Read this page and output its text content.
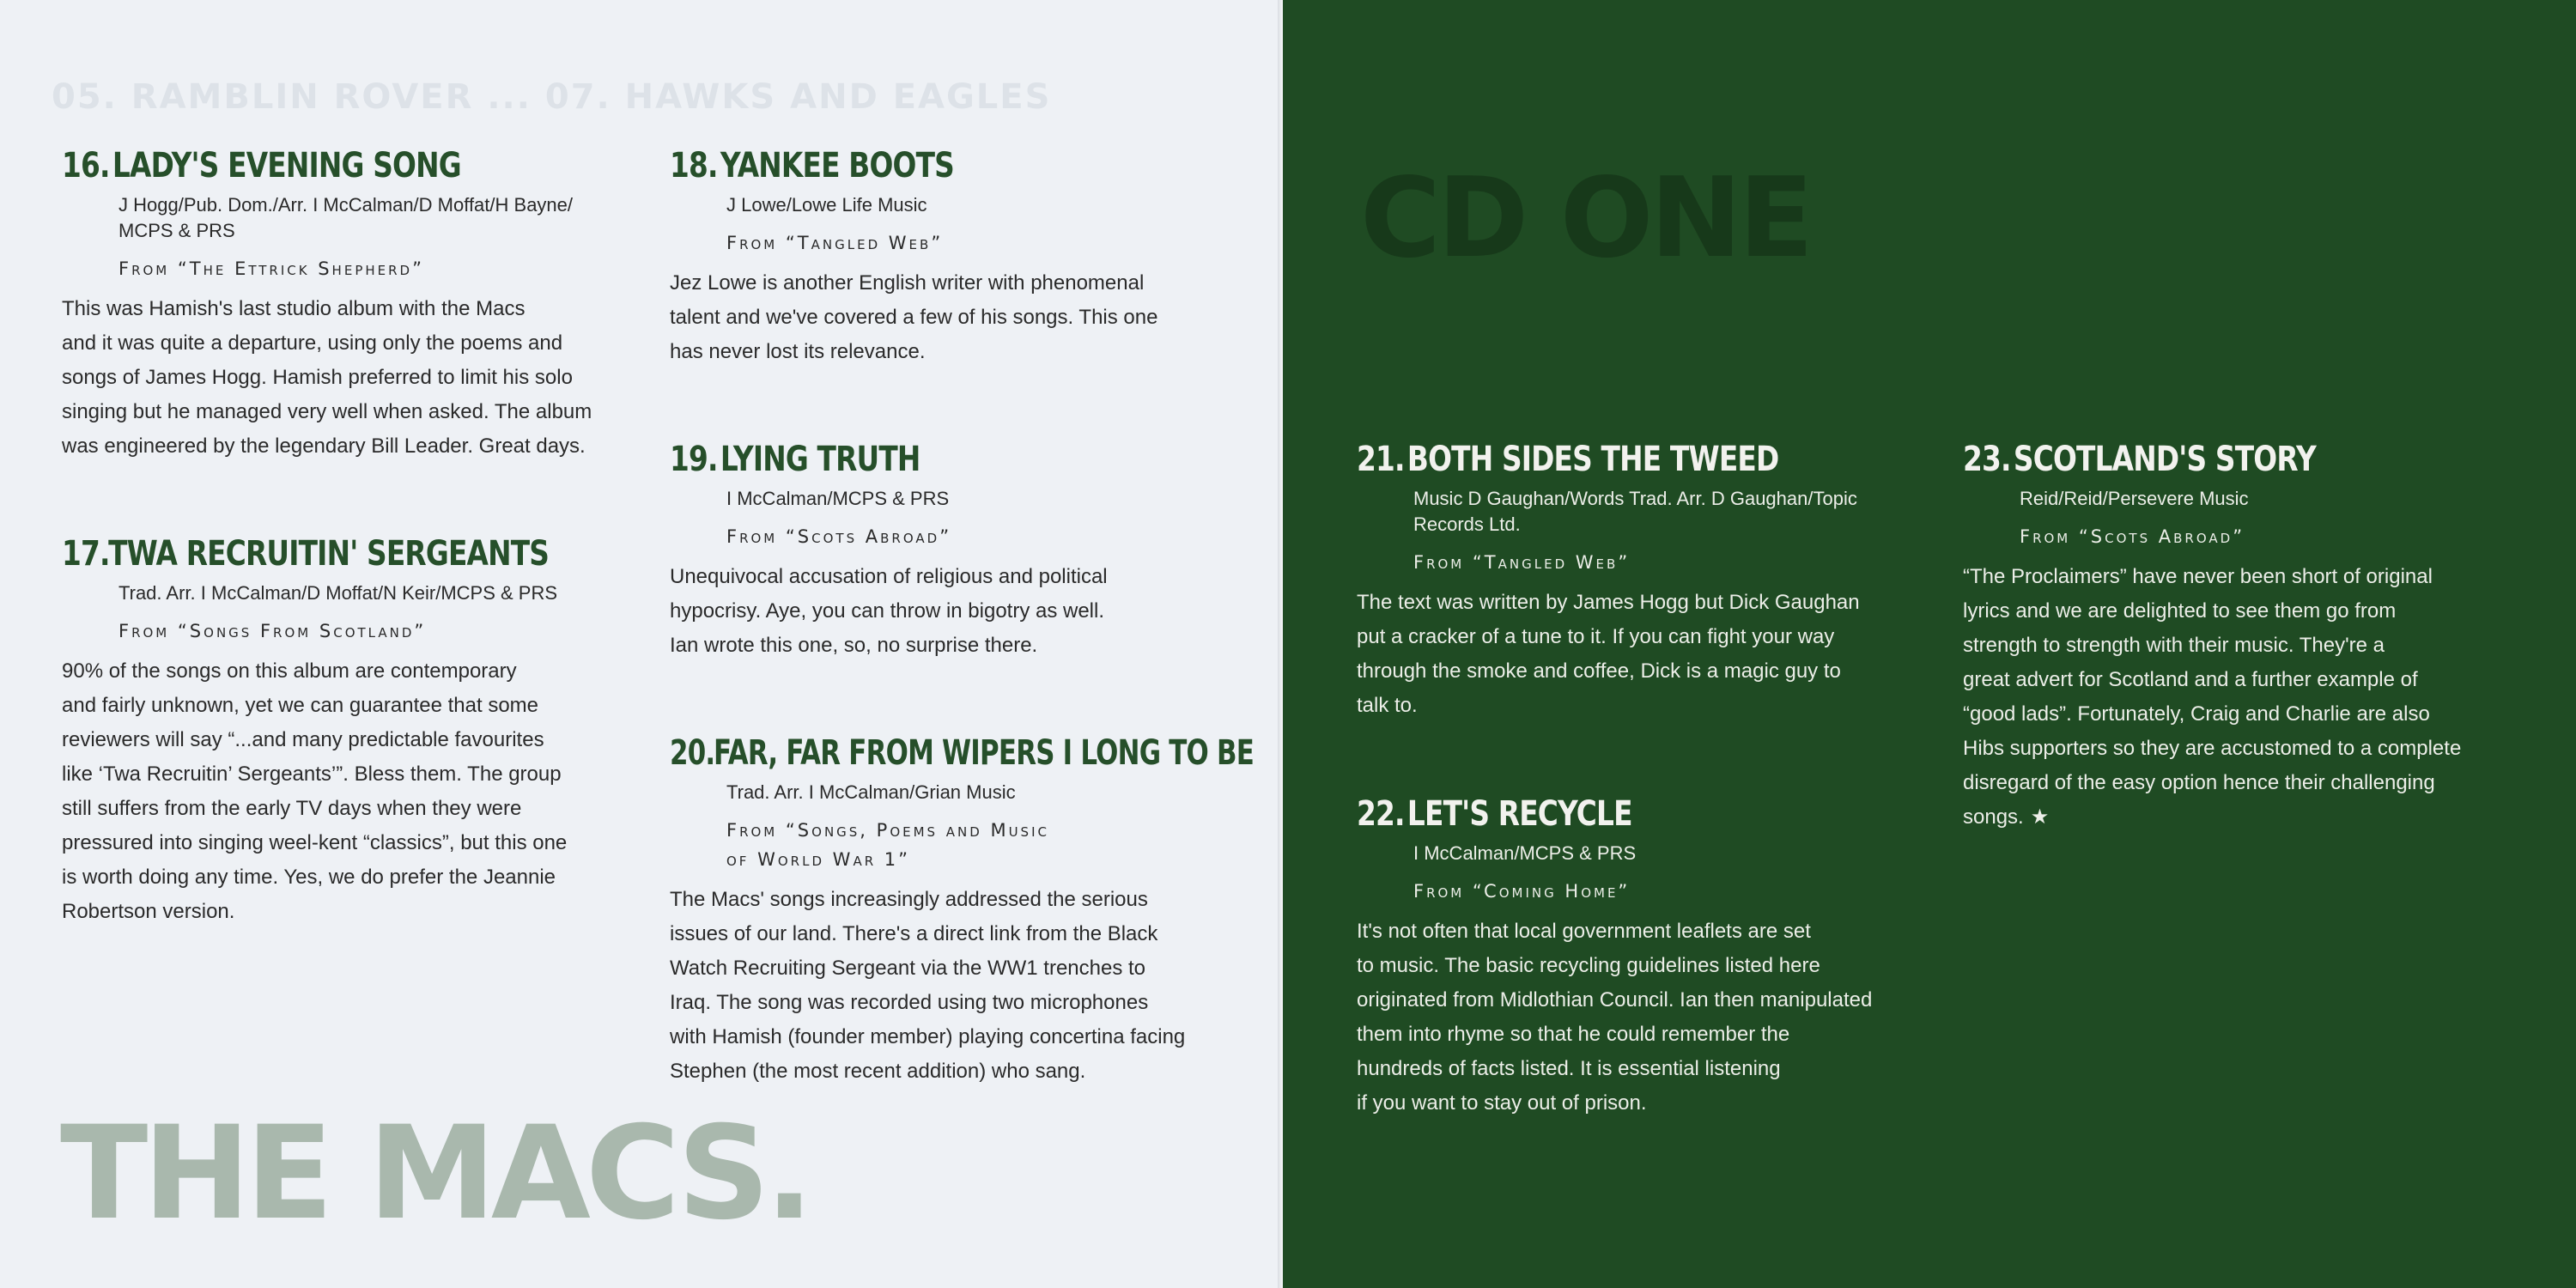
05. RAMBLIN ROVER ... 07. HAWKS AND EAGLES
16. LADY'S EVENING SONG
J Hogg/Pub. Dom./Arr. I McCalman/D Moffat/H Bayne/
MCPS & PRS
From “The Ettrick Shepherd”
This was Hamish's last studio album with the Macs
and it was quite a departure, using only the poems and
songs of James Hogg. Hamish preferred to limit his solo
singing but he managed very well when asked. The album
was engineered by the legendary Bill Leader. Great days.
17.
TWA RECRUITIN' SERGEANTS
Trad. Arr. I McCalman/D Moffat/N Keir/MCPS & PRS
From “Songs From Scotland”
90% of the songs on this album are contemporary
and fairly unknown, yet we can guarantee that some
reviewers will say “...and many predictable favourites
like ‘Twa Recruitin’ Sergeants’”. Bless them. The group
still suffers from the early TV days when they were
pressured into singing weel-kent “classics”, but this one
is worth doing any time. Yes, we do prefer the Jeannie
Robertson version.
18. YANKEE BOOTS
J Lowe/Lowe Life Music
From “Tangled Web”
Jez Lowe is another English writer with phenomenal
talent and we've covered a few of his songs. This one
has never lost its relevance.
19. LYING TRUTH
I McCalman/MCPS & PRS
From “Scots Abroad”
Unequivocal accusation of religious and political
hypocrisy. Aye, you can throw in bigotry as well.
Ian wrote this one, so, no surprise there.
20.
FAR, FAR FROM WIPERS I LONG TO BE
Trad. Arr. I McCalman/Grian Music
From “Songs, Poems and Music
of World War 1”
The Macs' songs increasingly addressed the serious
issues of our land. There's a direct link from the Black
Watch Recruiting Sergeant via the WW1 trenches to
Iraq. The song was recorded using two microphones
with Hamish (founder member) playing concertina facing
Stephen (the most recent addition) who sang.
THE MACS.
CD ONE
21. BOTH SIDES THE TWEED
Music D Gaughan/Words Trad. Arr. D Gaughan/Topic
Records Ltd.
From “Tangled Web”
The text was written by James Hogg but Dick Gaughan
put a cracker of a tune to it. If you can fight your way
through the smoke and coffee, Dick is a magic guy to
talk to.
22. LET'S RECYCLE
I McCalman/MCPS & PRS
From “Coming Home”
It's not often that local government leaflets are set
to music. The basic recycling guidelines listed here
originated from Midlothian Council. Ian then manipulated
them into rhyme so that he could remember the
hundreds of facts listed. It is essential listening
if you want to stay out of prison.
23. SCOTLAND'S STORY
Reid/Reid/Persevere Music
From “Scots Abroad”
“The Proclaimers” have never been short of original
lyrics and we are delighted to see them go from
strength to strength with their music. They're a
great advert for Scotland and a further example of
“good lads”. Fortunately, Craig and Charlie are also
Hibs supporters so they are accustomed to a complete
disregard of the easy option hence their challenging
songs. ★
